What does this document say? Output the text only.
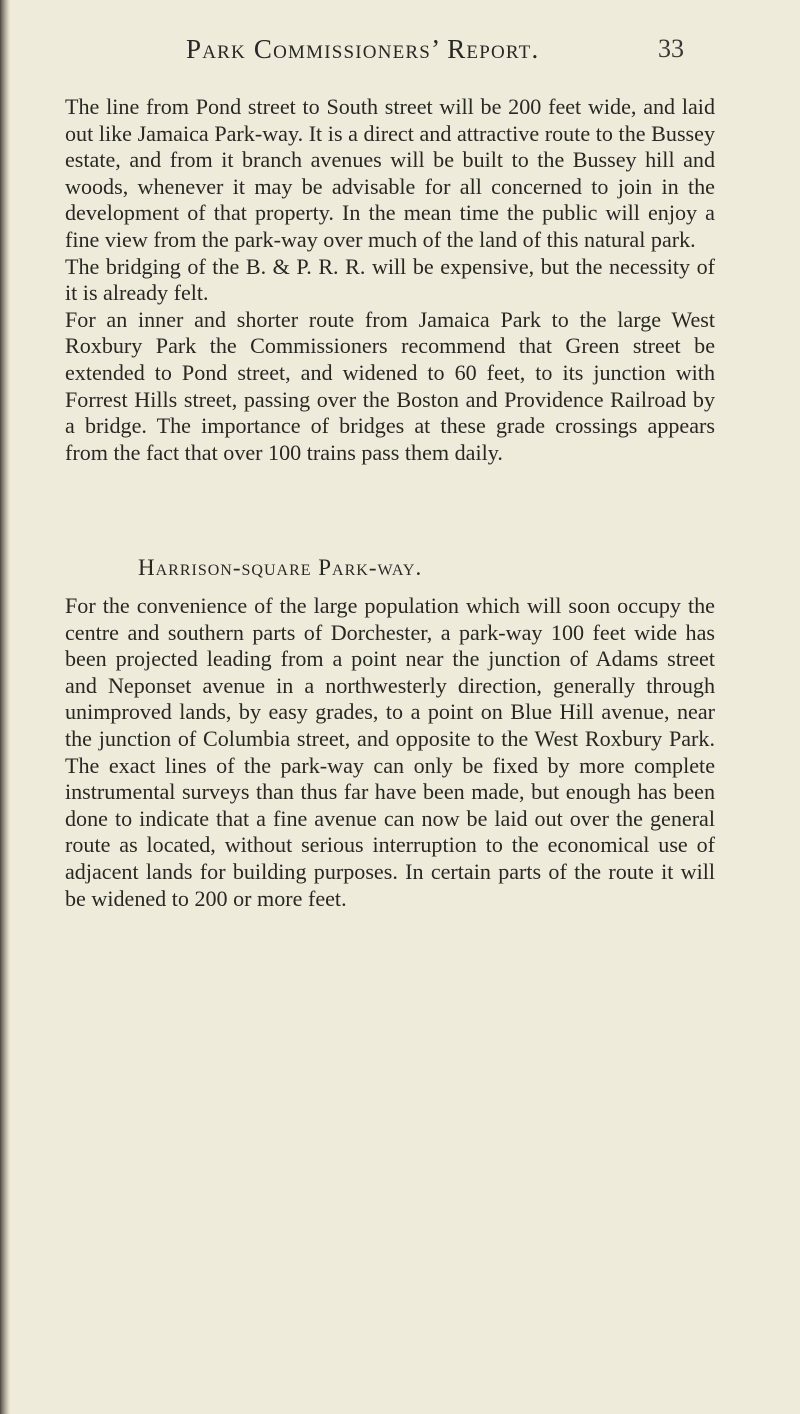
Park Commissioners’ Report.	33

The line from Pond street to South street will be 200 feet wide, and laid out like Jamaica Park-way. It is a direct and attractive route to the Bussey estate, and from it branch avenues will be built to the Bussey hill and woods, whenever it may be advisable for all concerned to join in the development of that property. In the mean time the public will enjoy a fine view from the park-way over much of the land of this natural park.

The bridging of the B. & P. R. R. will be expensive, but the necessity of it is already felt.

For an inner and shorter route from Jamaica Park to the large West Roxbury Park the Commissioners recommend that Green street be extended to Pond street, and widened to 60 feet, to its junction with Forrest Hills street, passing over the Boston and Providence Railroad by a bridge. The importance of bridges at these grade crossings appears from the fact that over 100 trains pass them daily.

Harrison-square Park-way.

For the convenience of the large population which will soon occupy the centre and southern parts of Dorchester, a park-way 100 feet wide has been projected leading from a point near the junction of Adams street and Neponset avenue in a northwesterly direction, generally through unimproved lands, by easy grades, to a point on Blue Hill avenue, near the junction of Columbia street, and opposite to the West Roxbury Park. The exact lines of the park-way can only be fixed by more complete instrumental surveys than thus far have been made, but enough has been done to indicate that a fine avenue can now be laid out over the general route as located, without serious interruption to the economical use of adjacent lands for building purposes. In certain parts of the route it will be widened to 200 or more feet.
